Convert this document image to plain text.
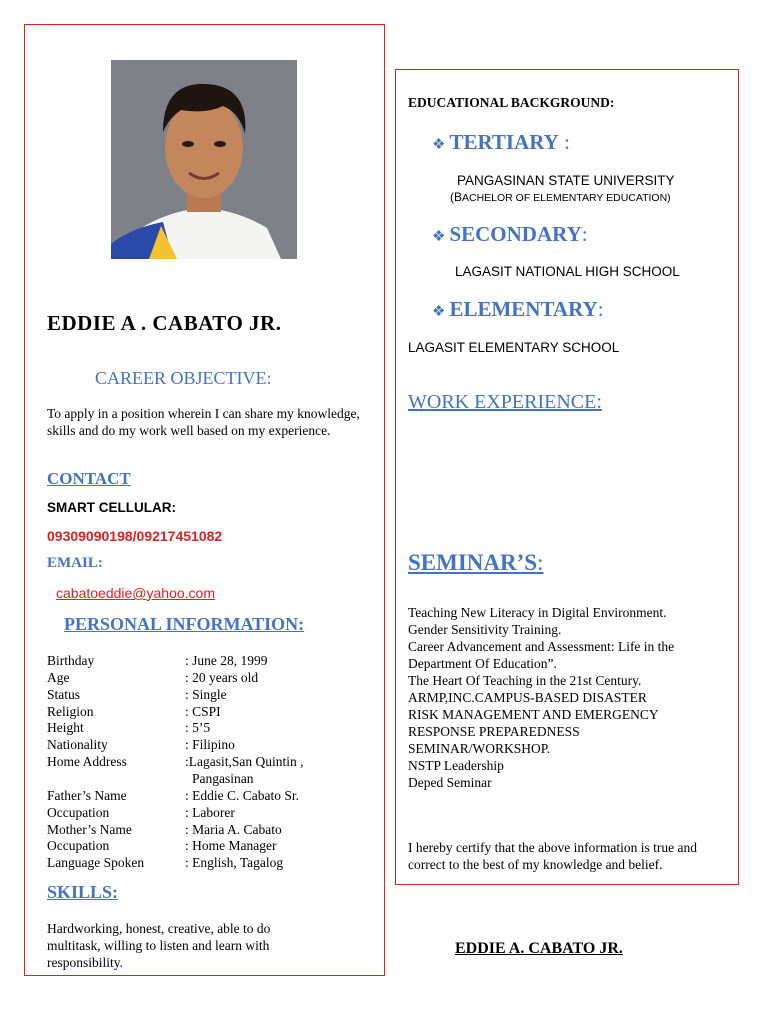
EDDIE A . CABATO JR.
CAREER OBJECTIVE:
To apply in a position wherein I can share my knowledge, skills and do my work well based on my experience.
CONTACT
SMART CELLULAR:
09309090198/09217451082
EMAIL:
cabatoeddie@yahoo.com
PERSONAL INFORMATION:
Birthday	: June 28, 1999
Age	: 20 years old
Status	: Single
Religion	: CSPI
Height	: 5’5
Nationality	: Filipino
Home Address	:Lagasit,San Quintin ,
Pangasinan
Father’s Name	: Eddie C. Cabato Sr.
Occupation	: Laborer
Mother’s Name	: Maria A. Cabato
Occupation	: Home Manager
Language Spoken	: English, Tagalog
SKILLS:
Hardworking, honest, creative, able to do multitask, willing to listen and learn with responsibility.
EDUCATIONAL BACKGROUND:
❖ TERTIARY :
PANGASINAN STATE UNIVERSITY
(BACHELOR OF ELEMENTARY EDUCATION)
❖ SECONDARY:
LAGASIT NATIONAL HIGH SCHOOL
❖ ELEMENTARY:
LAGASIT ELEMENTARY SCHOOL
WORK EXPERIENCE:
SEMINAR’S:
Teaching New Literacy in Digital Environment.
Gender Sensitivity Training.
Career Advancement and Assessment: Life in the
Department Of Education”.
The Heart Of Teaching in the 21st Century.
ARMP,INC.CAMPUS-BASED DISASTER
RISK MANAGEMENT AND EMERGENCY
RESPONSE PREPAREDNESS
SEMINAR/WORKSHOP.
NSTP Leadership
Deped Seminar
I hereby certify that the above information is true and correct to the best of my knowledge and belief.
EDDIE A. CABATO JR.
